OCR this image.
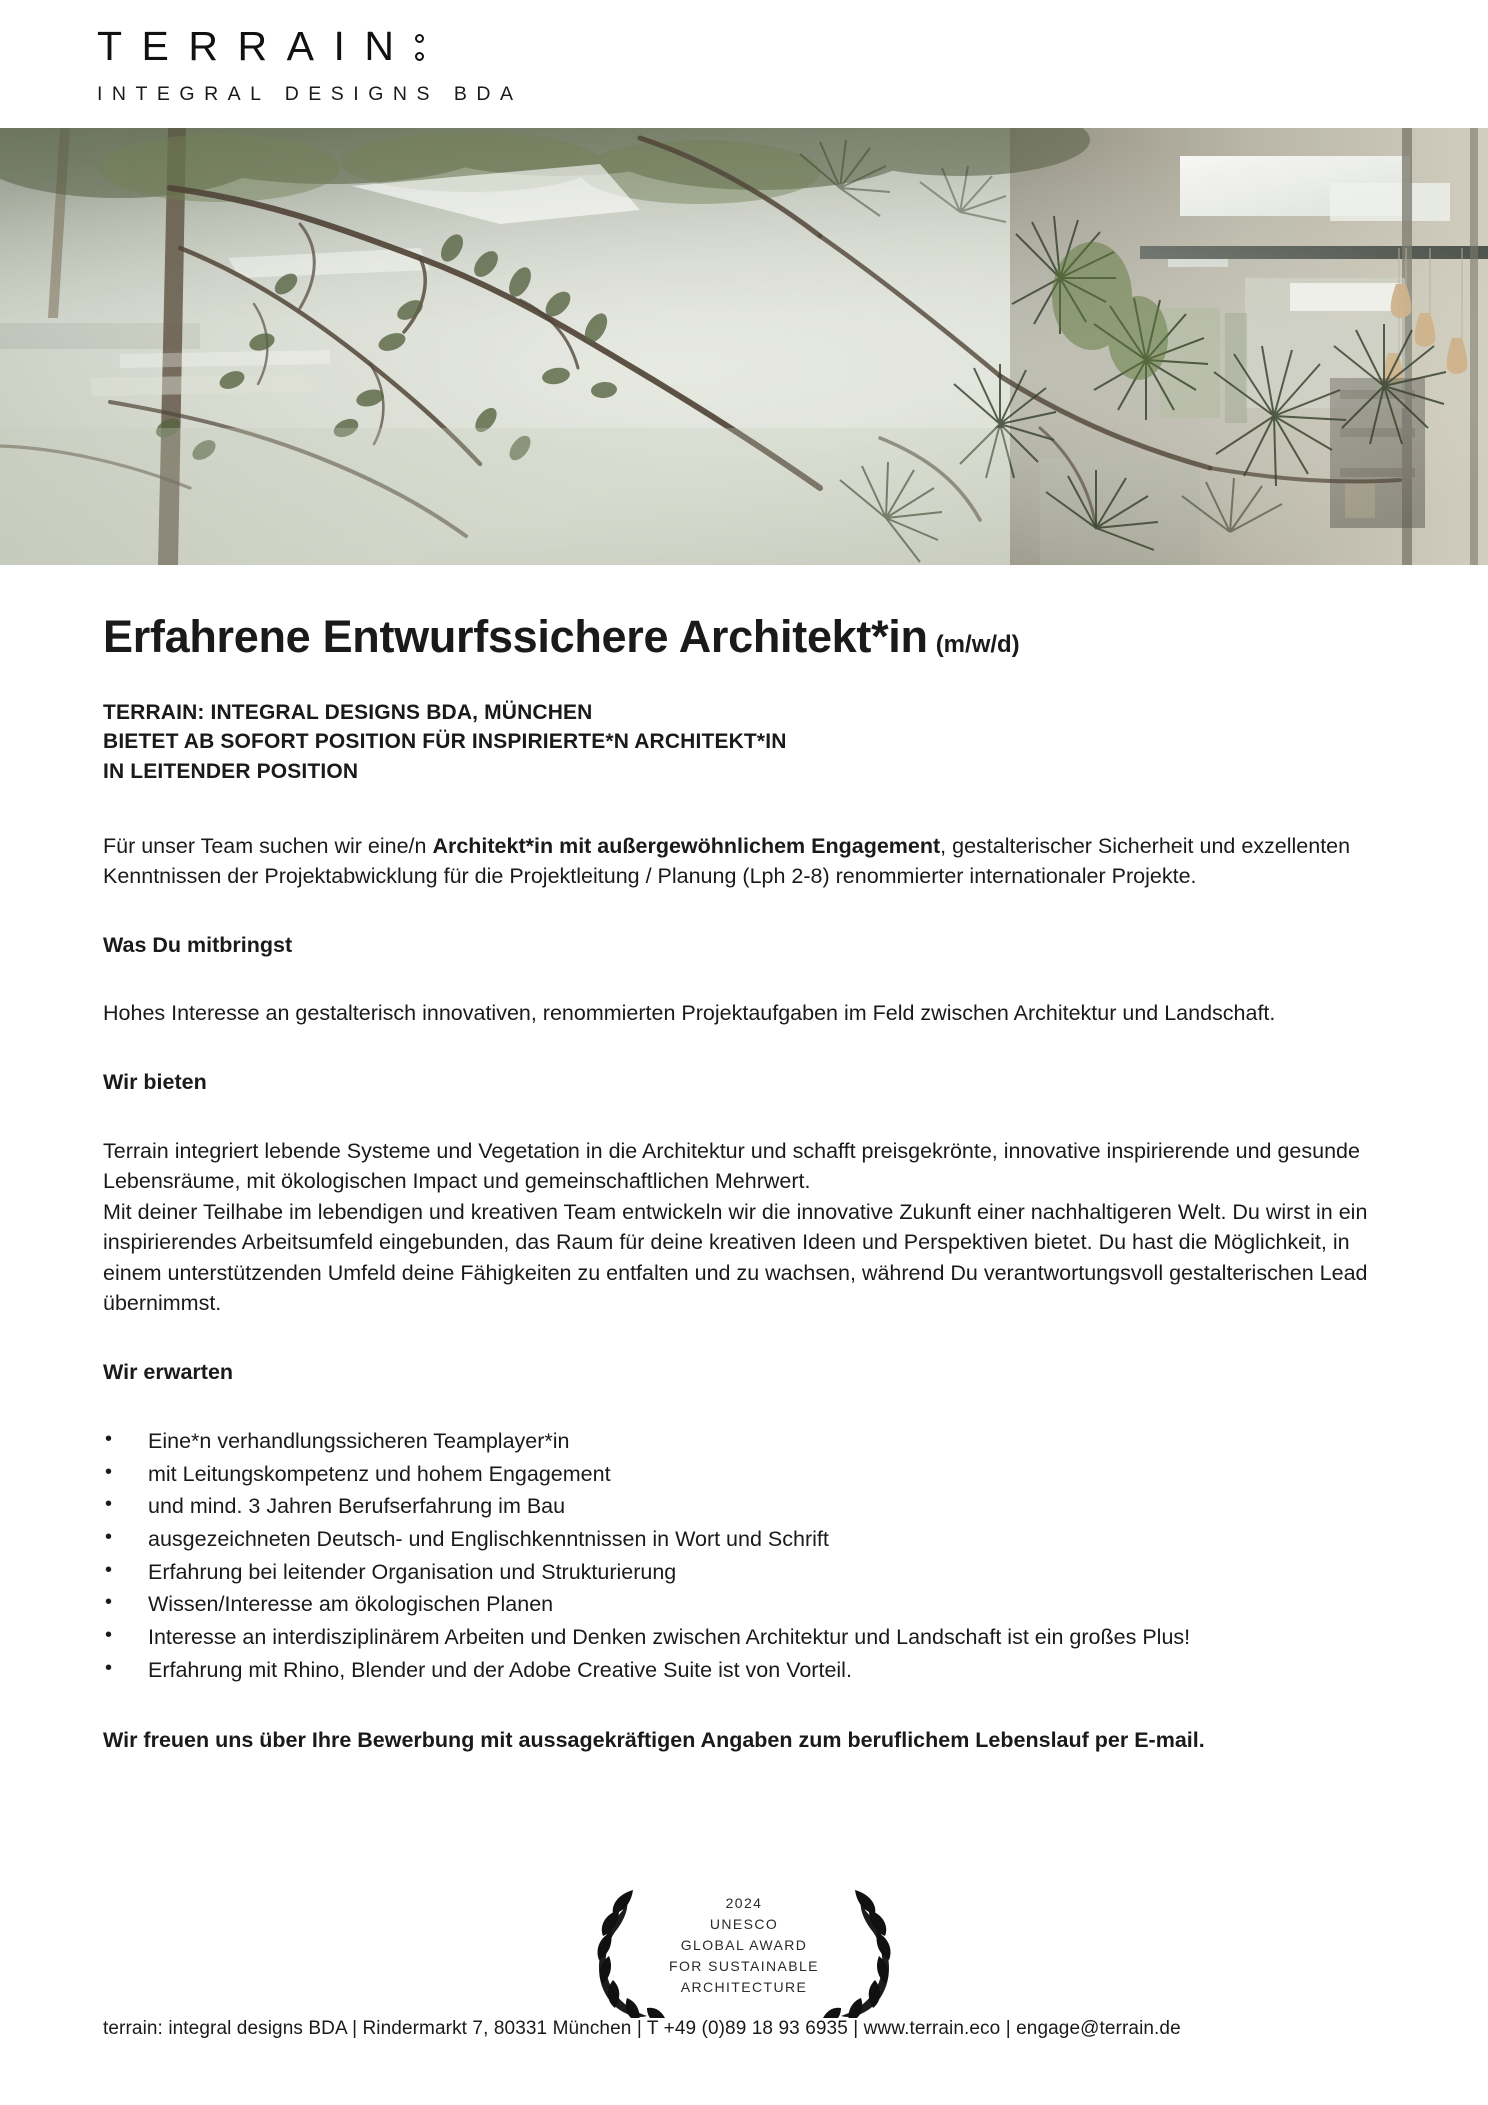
TERRAIN
INTEGRAL DESIGNS BDA
Erfahrene Entwurfssichere Architekt*in (m/w/d)
TERRAIN: INTEGRAL DESIGNS BDA, MÜNCHEN
BIETET AB SOFORT POSITION FÜR INSPIRIERTE*N ARCHITEKT*IN
IN LEITENDER POSITION

Für unser Team suchen wir eine/n Architekt*in mit außergewöhnlichem Engagement, gestalterischer Sicherheit und exzellenten Kenntnissen der Projektabwicklung für die Projektleitung / Planung (Lph 2-8) renommierter internationaler Projekte.

Was Du mitbringst

Hohes Interesse an gestalterisch innovativen, renommierten Projektaufgaben im Feld zwischen Architektur und Landschaft.

Wir bieten

Terrain integriert lebende Systeme und Vegetation in die Architektur und schafft preisgekrönte, innovative inspirierende und gesunde Lebensräume, mit ökologischen Impact und gemeinschaftlichen Mehrwert.

Mit deiner Teilhabe im lebendigen und kreativen Team entwickeln wir die innovative Zukunft einer nachhaltigeren Welt. Du wirst in ein inspirierendes Arbeitsumfeld eingebunden, das Raum für deine kreativen Ideen und Perspektiven bietet. Du hast die Möglichkeit, in einem unterstützenden Umfeld deine Fähigkeiten zu entfalten und zu wachsen, während Du verantwortungsvoll gestalterischen Lead übernimmst.

Wir erwarten
• Eine*n verhandlungssicheren Teamplayer*in
• mit Leitungskompetenz und hohem Engagement
• und mind. 3 Jahren Berufserfahrung im Bau
• ausgezeichneten Deutsch- und Englischkenntnissen in Wort und Schrift
• Erfahrung bei leitender Organisation und Strukturierung
• Wissen/Interesse am ökologischen Planen
• Interesse an interdisziplinärem Arbeiten und Denken zwischen Architektur und Landschaft ist ein großes Plus!
• Erfahrung mit Rhino, Blender und der Adobe Creative Suite ist von Vorteil.
Wir freuen uns über Ihre Bewerbung mit aussagekräftigen Angaben zum beruflichem Lebenslauf per E-mail.
2024
UNESCO
GLOBAL AWARD
FOR SUSTAINABLE
ARCHITECTURE
terrain: integral designs BDA | Rindermarkt 7, 80331 München | T +49 (0)89 18 93 6935 | www.terrain.eco | engage@terrain.de
